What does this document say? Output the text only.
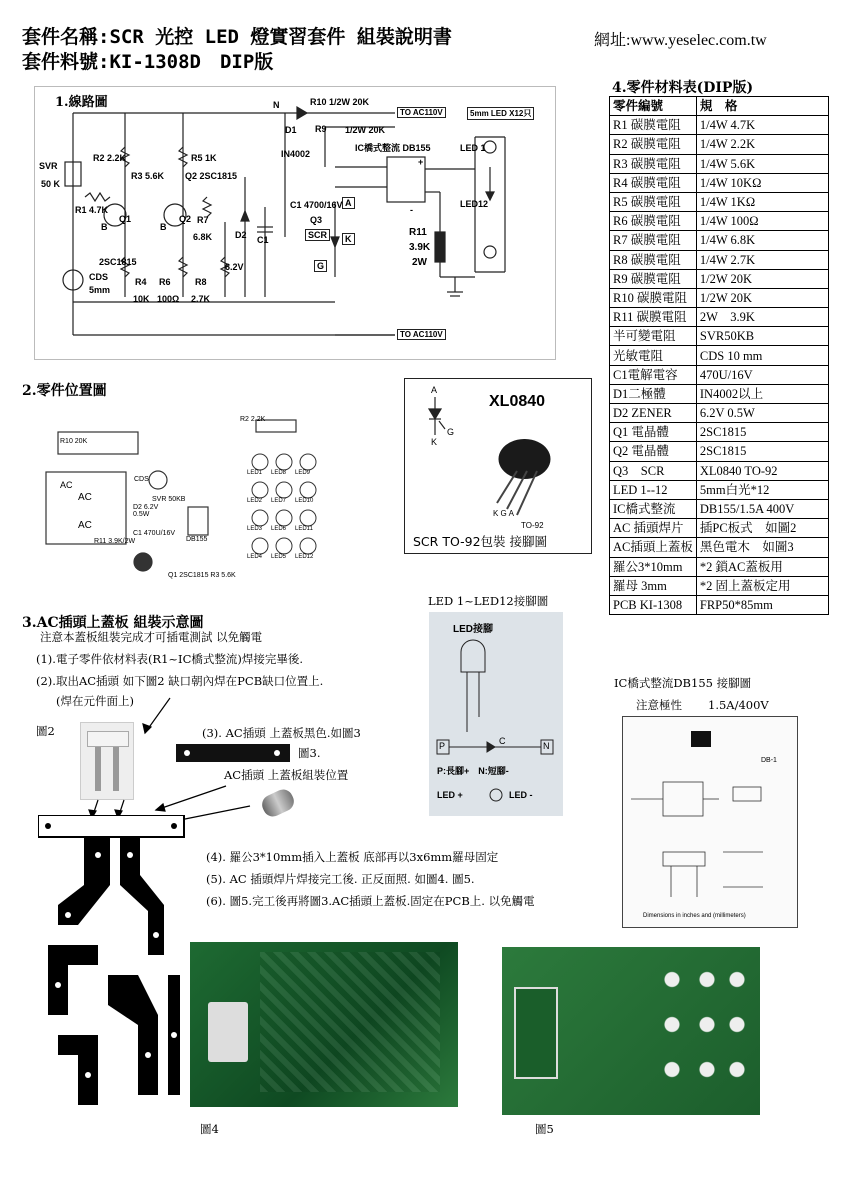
套件名稱:SCR 光控 LED 燈實習套件 組裝說明書
套件料號:KI-1308D　DIP版
網址:www.yeselec.com.tw
1.線路圖	R10 1/2W 20K
N
TO AC110V	5mm LED X12只
R9 1/2W 20K
D1
IN4002
IC橋式整流 DB155
+
-
LED 1
LED12
SVR
50 K
R2 2.2K	R5 1K
R3 5.6K Q2 2SC1815
R1 4.7K
Q1
B
Q2
B
R7
6.8K
C1 4700/16V
Q3
SCR
A
K
G
D2 C1
R11
3.9K
2W
2SC1815
R4
10K
R6
100Ω
R8
2.7K
6.2V
CDS
5mm
TO AC110V
4.零件材料表(DIP版)
零件編號	規　格
R1 碳膜電阻	1/4W 4.7K
R2 碳膜電阻	1/4W 2.2K
R3 碳膜電阻	1/4W 5.6K
R4 碳膜電阻	1/4W 10KΩ
R5 碳膜電阻	1/4W 1KΩ
R6 碳膜電阻	1/4W 100Ω
R7 碳膜電阻	1/4W 6.8K
R8 碳膜電阻	1/4W 2.7K
R9 碳膜電阻	1/2W 20K
R10 碳膜電阻	1/2W 20K
R11 碳膜電阻	2W　3.9K
半可變電阻	SVR50KB
光敏電阻	CDS 10 mm
C1電解電容	470U/16V
D1二極體	IN4002以上
D2 ZENER	6.2V 0.5W
Q1 電晶體	2SC1815
Q2 電晶體	2SC1815
Q3　SCR	XL0840 TO-92
LED 1--12	5mm白光*12
IC橋式整流	DB155/1.5A 400V
AC 插頭焊片	插PC板式　如圖2
AC插頭上蓋板	黑色電木　如圖3
羅公3*10mm	*2 鎖AC蓋板用
羅母 3mm	*2 固上蓋板定用
PCB KI-1308	FRP50*85mm
2.零件位置圖
AC
AC
AC
SVR 50KB
DB155
D2 6.2V 0.5W
C1 470U/16V
Q1 2SC1815 R3 5.6K
CDS
R10 20K
R2 2.2K
R11 3.9K/2W
LED1 LED8 LED9
LED2 LED7 LED10
LED3 LED6 LED11
LED4 LED5 LED12
A
K
G
XL0840
K G A
TO-92
SCR TO-92包裝 接腳圖
3.AC插頭上蓋板 組裝示意圖
注意本蓋板組裝完成才可插電測試 以免觸電
(1).電子零件依材料表(R1~IC橋式整流)焊接完畢後.
(2).取出AC插頭 如下圖2 缺口朝內焊在PCB缺口位置上.
(焊在元件面上)
圖2	(3). AC插頭 上蓋板黑色.如圖3
圖3.
AC插頭 上蓋板組裝位置
(4). 羅公3*10mm插入上蓋板 底部再以3x6mm羅母固定
(5). AC 插頭焊片焊接完工後. 正反面照. 如圖4. 圖5.
(6). 圖5.完工後再將圖3.AC插頭上蓋板.固定在PCB上. 以免觸電
圖4	圖5
LED 1~LED12接腳圖
LED接腳
P	N
C
P:長腳+　N:短腳-
LED +	LED -
IC橋式整流DB155 接腳圖
注意極性 1.5A/400V
DB-1
Dimensions in inches and (millimeters)
